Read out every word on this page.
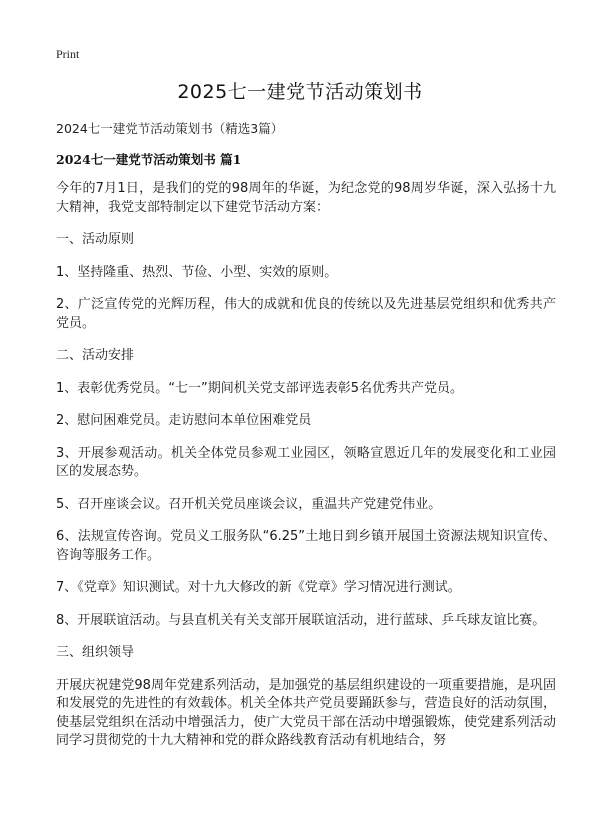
Print
2025七一建党节活动策划书
2024七一建党节活动策划书（精选3篇）
2024七一建党节活动策划书 篇1

今年的7月1日，是我们的党的98周年的华诞，为纪念党的98周岁华诞，深入弘扬十九大精神，我党支部特制定以下建党节活动方案：

一、活动原则

1、坚持隆重、热烈、节俭、小型、实效的原则。

2、广泛宣传党的光辉历程，伟大的成就和优良的传统以及先进基层党组织和优秀共产党员。

二、活动安排

1、表彰优秀党员。“七一”期间机关党支部评选表彰5名优秀共产党员。

2、慰问困难党员。走访慰问本单位困难党员

3、开展参观活动。机关全体党员参观工业园区，领略宣恩近几年的发展变化和工业园区的发展态势。

5、召开座谈会议。召开机关党员座谈会议，重温共产党建党伟业。

6、法规宣传咨询。党员义工服务队“6.25”土地日到乡镇开展国土资源法规知识宣传、咨询等服务工作。

7、《党章》知识测试。对十九大修改的新《党章》学习情况进行测试。

8、开展联谊活动。与县直机关有关支部开展联谊活动，进行蓝球、乒乓球友谊比赛。

三、组织领导

开展庆祝建党98周年党建系列活动，是加强党的基层组织建设的一项重要措施，是巩固和发展党的先进性的有效载体。机关全体共产党员要踊跃参与，营造良好的活动氛围，使基层党组织在活动中增强活力，使广大党员干部在活动中增强锻炼，使党建系列活动同学习贯彻党的十九大精神和党的群众路线教育活动有机地结合，努
